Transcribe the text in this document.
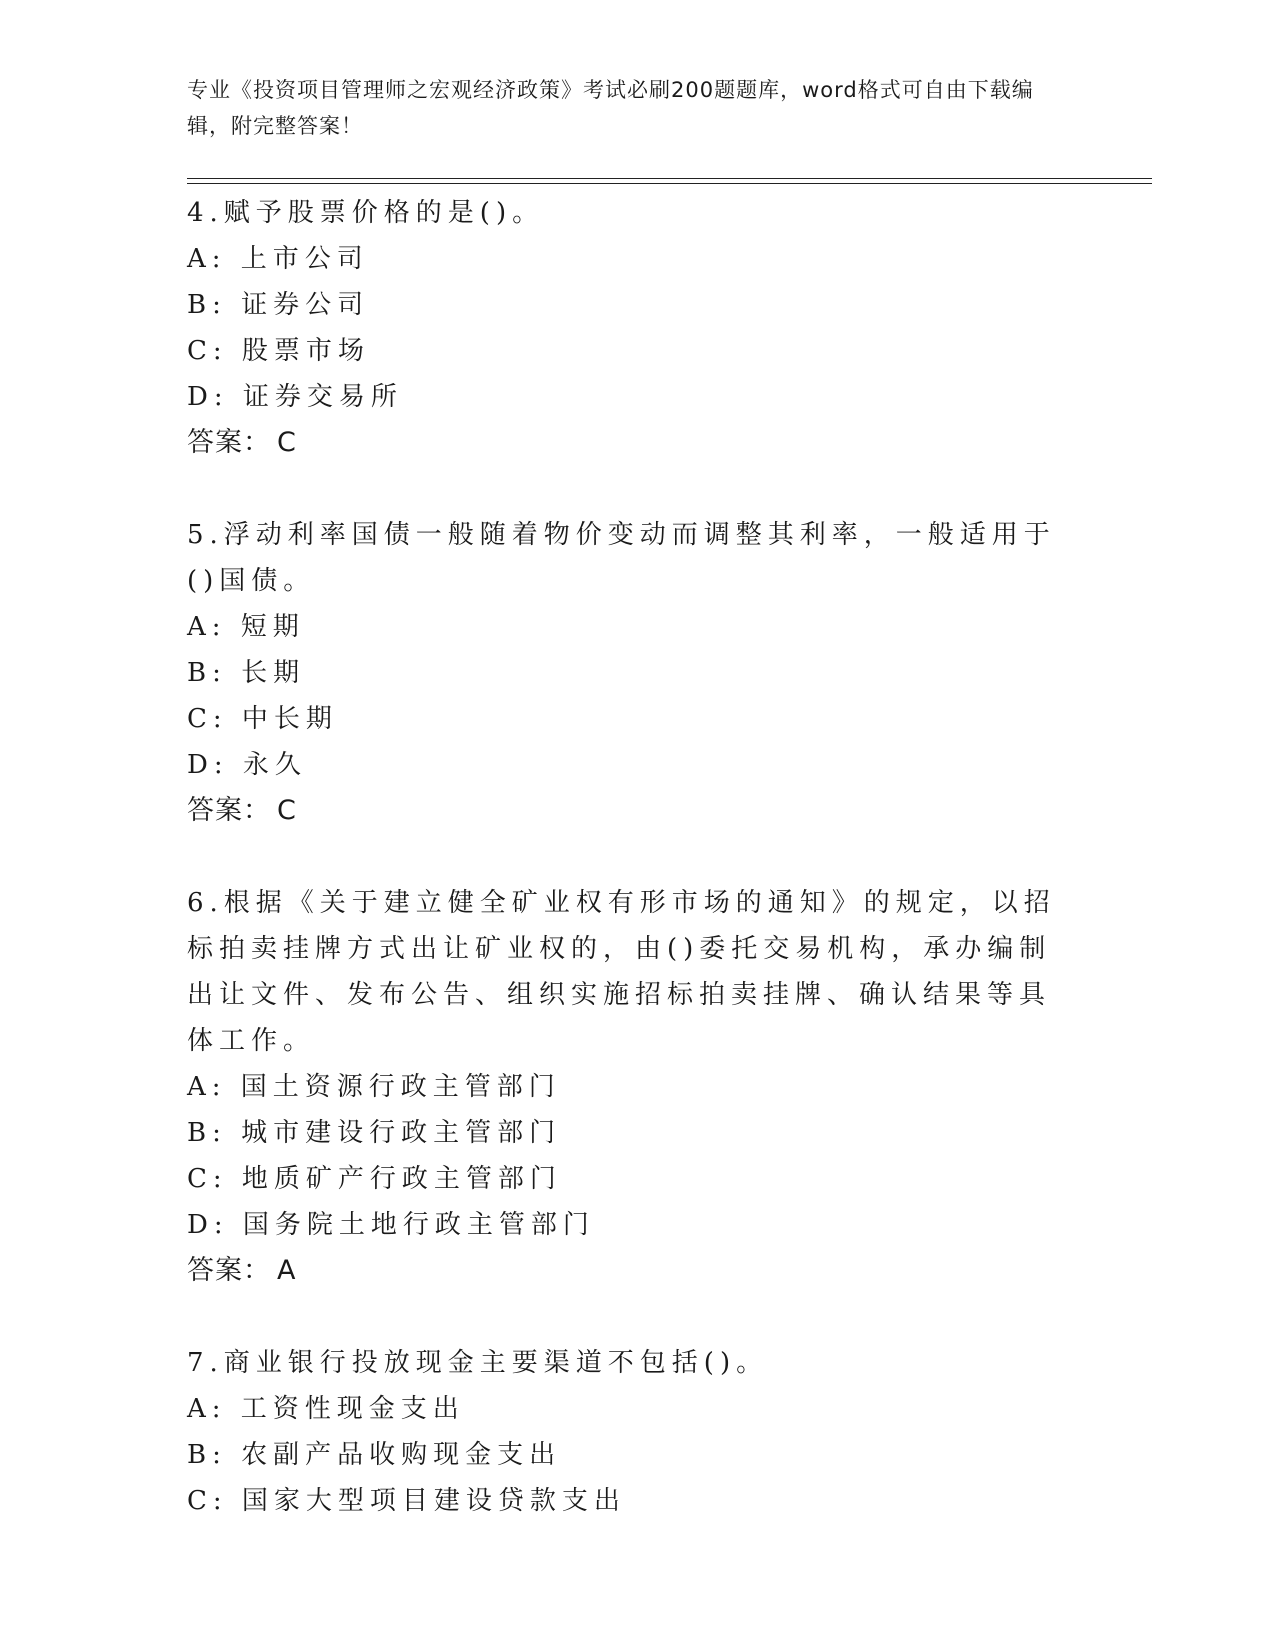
专业《投资项目管理师之宏观经济政策》考试必刷200题题库，word格式可自由下载编辑，附完整答案！
4.赋予股票价格的是()。
A: 上市公司
B: 证券公司
C: 股票市场
D: 证券交易所
答案： C
5.浮动利率国债一般随着物价变动而调整其利率，一般适用于()国债。
A: 短期
B: 长期
C: 中长期
D: 永久
答案： C
6.根据《关于建立健全矿业权有形市场的通知》的规定，以招标拍卖挂牌方式出让矿业权的，由()委托交易机构，承办编制出让文件、发布公告、组织实施招标拍卖挂牌、确认结果等具体工作。
A: 国土资源行政主管部门
B: 城市建设行政主管部门
C: 地质矿产行政主管部门
D: 国务院土地行政主管部门
答案： A
7.商业银行投放现金主要渠道不包括()。
A: 工资性现金支出
B: 农副产品收购现金支出
C: 国家大型项目建设贷款支出
